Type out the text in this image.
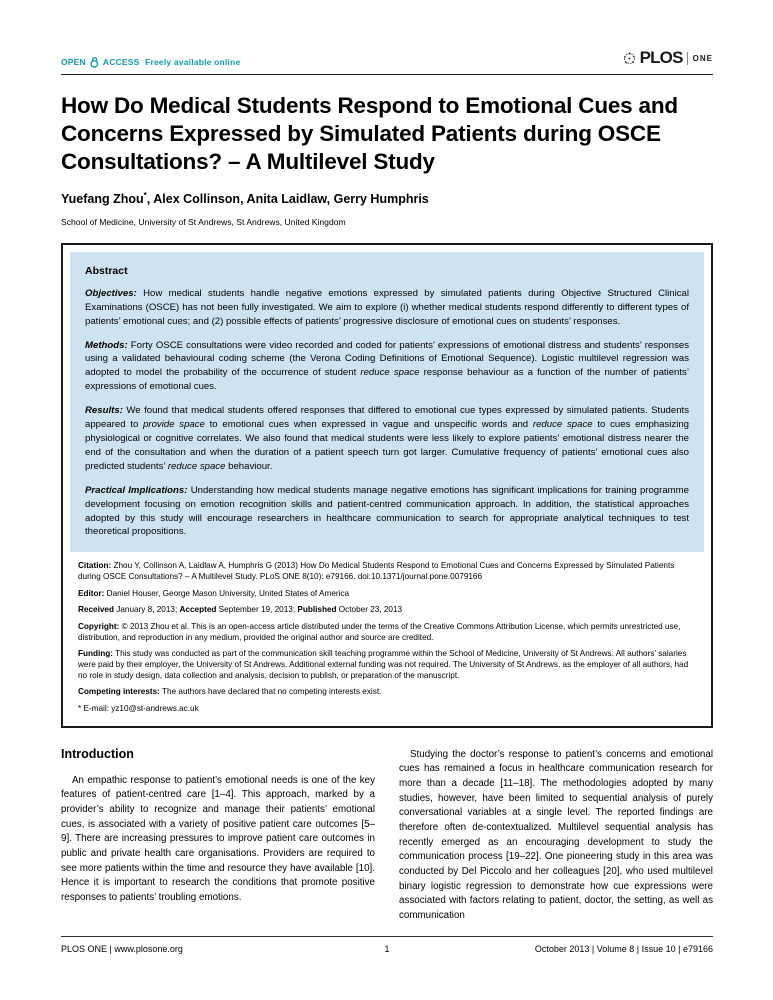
OPEN ACCESS Freely available online	PLOS ONE
How Do Medical Students Respond to Emotional Cues and Concerns Expressed by Simulated Patients during OSCE Consultations? – A Multilevel Study
Yuefang Zhou*, Alex Collinson, Anita Laidlaw, Gerry Humphris
School of Medicine, University of St Andrews, St Andrews, United Kingdom
Abstract

Objectives: How medical students handle negative emotions expressed by simulated patients during Objective Structured Clinical Examinations (OSCE) has not been fully investigated. We aim to explore (i) whether medical students respond differently to different types of patients’ emotional cues; and (2) possible effects of patients’ progressive disclosure of emotional cues on students’ responses.

Methods: Forty OSCE consultations were video recorded and coded for patients’ expressions of emotional distress and students’ responses using a validated behavioural coding scheme (the Verona Coding Definitions of Emotional Sequence). Logistic multilevel regression was adopted to model the probability of the occurrence of student reduce space response behaviour as a function of the number of patients’ expressions of emotional cues.

Results: We found that medical students offered responses that differed to emotional cue types expressed by simulated patients. Students appeared to provide space to emotional cues when expressed in vague and unspecific words and reduce space to cues emphasizing physiological or cognitive correlates. We also found that medical students were less likely to explore patients’ emotional distress nearer the end of the consultation and when the duration of a patient speech turn got larger. Cumulative frequency of patients’ emotional cues also predicted students’ reduce space behaviour.

Practical Implications: Understanding how medical students manage negative emotions has significant implications for training programme development focusing on emotion recognition skills and patient-centred communication approach. In addition, the statistical approaches adopted by this study will encourage researchers in healthcare communication to search for appropriate analytical techniques to test theoretical propositions.

Citation: Zhou Y, Collinson A, Laidlaw A, Humphris G (2013) How Do Medical Students Respond to Emotional Cues and Concerns Expressed by Simulated Patients during OSCE Consultations? – A Multilevel Study. PLoS ONE 8(10): e79166. doi:10.1371/journal.pone.0079166

Editor: Daniel Houser, George Mason University, United States of America

Received January 8, 2013; Accepted September 19, 2013; Published October 23, 2013

Copyright: © 2013 Zhou et al. This is an open-access article distributed under the terms of the Creative Commons Attribution License, which permits unrestricted use, distribution, and reproduction in any medium, provided the original author and source are credited.

Funding: This study was conducted as part of the communication skill teaching programme within the School of Medicine, University of St Andrews. All authors’ salaries were paid by their employer, the University of St Andrews. Additional external funding was not required. The University of St Andrews, as the employer of all authors, had no role in study design, data collection and analysis, decision to publish, or preparation of the manuscript.

Competing interests: The authors have declared that no competing interests exist.

* E-mail: yz10@st-andrews.ac.uk

Introduction

An empathic response to patient’s emotional needs is one of the key features of patient-centred care [1–4]. This approach, marked by a provider’s ability to recognize and manage their patients’ emotional cues, is associated with a variety of positive patient care outcomes [5–9]. There are increasing pressures to improve patient care outcomes in public and private health care organisations. Providers are required to see more patients within the time and resource they have available [10]. Hence it is important to research the conditions that promote positive responses to patients’ troubling emotions.

Studying the doctor’s response to patient’s concerns and emotional cues has remained a focus in healthcare communication research for more than a decade [11–18]. The methodologies adopted by many studies, however, have been limited to sequential analysis of purely conversational variables at a single level. The reported findings are therefore often de-contextualized. Multilevel sequential analysis has recently emerged as an encouraging development to study the communication process [19–22]. One pioneering study in this area was conducted by Del Piccolo and her colleagues [20], who used multilevel binary logistic regression to demonstrate how cue expressions were associated with factors relating to patient, doctor, the setting, as well as communication

PLOS ONE | www.plosone.org	1	October 2013 | Volume 8 | Issue 10 | e79166
